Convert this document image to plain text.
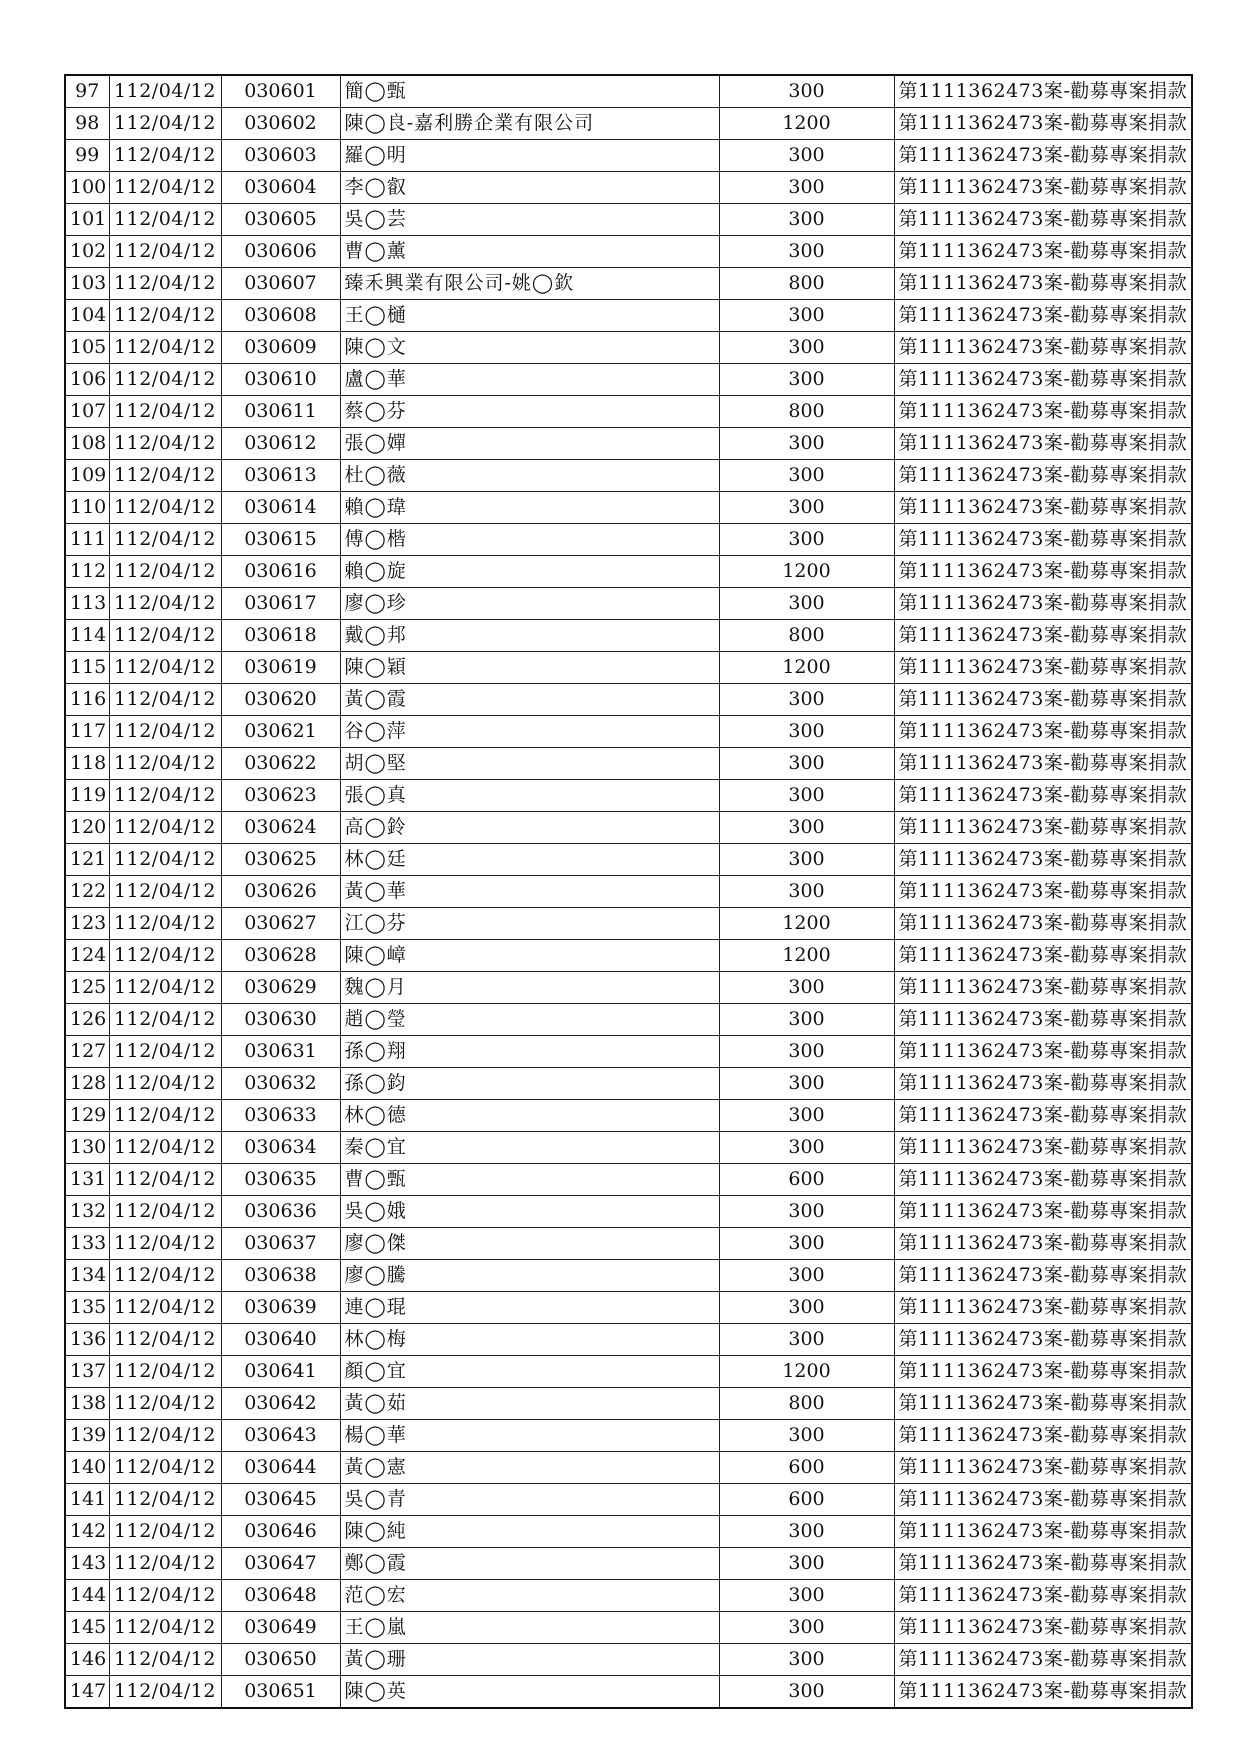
97	112/04/12	030601	簡◯甄	300	第1111362473案-勸募專案捐款
98	112/04/12	030602	陳◯良-嘉利勝企業有限公司	1200	第1111362473案-勸募專案捐款
99	112/04/12	030603	羅◯明	300	第1111362473案-勸募專案捐款
100	112/04/12	030604	李◯叡	300	第1111362473案-勸募專案捐款
101	112/04/12	030605	吳◯芸	300	第1111362473案-勸募專案捐款
102	112/04/12	030606	曹◯薰	300	第1111362473案-勸募專案捐款
103	112/04/12	030607	臻禾興業有限公司-姚◯欽	800	第1111362473案-勸募專案捐款
104	112/04/12	030608	王◯樋	300	第1111362473案-勸募專案捐款
105	112/04/12	030609	陳◯文	300	第1111362473案-勸募專案捐款
106	112/04/12	030610	盧◯華	300	第1111362473案-勸募專案捐款
107	112/04/12	030611	蔡◯芬	800	第1111362473案-勸募專案捐款
108	112/04/12	030612	張◯嬋	300	第1111362473案-勸募專案捐款
109	112/04/12	030613	杜◯薇	300	第1111362473案-勸募專案捐款
110	112/04/12	030614	賴◯瑋	300	第1111362473案-勸募專案捐款
111	112/04/12	030615	傅◯楷	300	第1111362473案-勸募專案捐款
112	112/04/12	030616	賴◯旋	1200	第1111362473案-勸募專案捐款
113	112/04/12	030617	廖◯珍	300	第1111362473案-勸募專案捐款
114	112/04/12	030618	戴◯邦	800	第1111362473案-勸募專案捐款
115	112/04/12	030619	陳◯穎	1200	第1111362473案-勸募專案捐款
116	112/04/12	030620	黃◯霞	300	第1111362473案-勸募專案捐款
117	112/04/12	030621	谷◯萍	300	第1111362473案-勸募專案捐款
118	112/04/12	030622	胡◯堅	300	第1111362473案-勸募專案捐款
119	112/04/12	030623	張◯真	300	第1111362473案-勸募專案捐款
120	112/04/12	030624	高◯鈴	300	第1111362473案-勸募專案捐款
121	112/04/12	030625	林◯廷	300	第1111362473案-勸募專案捐款
122	112/04/12	030626	黃◯華	300	第1111362473案-勸募專案捐款
123	112/04/12	030627	江◯芬	1200	第1111362473案-勸募專案捐款
124	112/04/12	030628	陳◯嶂	1200	第1111362473案-勸募專案捐款
125	112/04/12	030629	魏◯月	300	第1111362473案-勸募專案捐款
126	112/04/12	030630	趙◯瑩	300	第1111362473案-勸募專案捐款
127	112/04/12	030631	孫◯翔	300	第1111362473案-勸募專案捐款
128	112/04/12	030632	孫◯鈞	300	第1111362473案-勸募專案捐款
129	112/04/12	030633	林◯德	300	第1111362473案-勸募專案捐款
130	112/04/12	030634	秦◯宜	300	第1111362473案-勸募專案捐款
131	112/04/12	030635	曹◯甄	600	第1111362473案-勸募專案捐款
132	112/04/12	030636	吳◯娥	300	第1111362473案-勸募專案捐款
133	112/04/12	030637	廖◯傑	300	第1111362473案-勸募專案捐款
134	112/04/12	030638	廖◯騰	300	第1111362473案-勸募專案捐款
135	112/04/12	030639	連◯琨	300	第1111362473案-勸募專案捐款
136	112/04/12	030640	林◯梅	300	第1111362473案-勸募專案捐款
137	112/04/12	030641	顏◯宜	1200	第1111362473案-勸募專案捐款
138	112/04/12	030642	黃◯茹	800	第1111362473案-勸募專案捐款
139	112/04/12	030643	楊◯華	300	第1111362473案-勸募專案捐款
140	112/04/12	030644	黃◯憲	600	第1111362473案-勸募專案捐款
141	112/04/12	030645	吳◯青	600	第1111362473案-勸募專案捐款
142	112/04/12	030646	陳◯純	300	第1111362473案-勸募專案捐款
143	112/04/12	030647	鄭◯霞	300	第1111362473案-勸募專案捐款
144	112/04/12	030648	范◯宏	300	第1111362473案-勸募專案捐款
145	112/04/12	030649	王◯嵐	300	第1111362473案-勸募專案捐款
146	112/04/12	030650	黃◯珊	300	第1111362473案-勸募專案捐款
147	112/04/12	030651	陳◯英	300	第1111362473案-勸募專案捐款
